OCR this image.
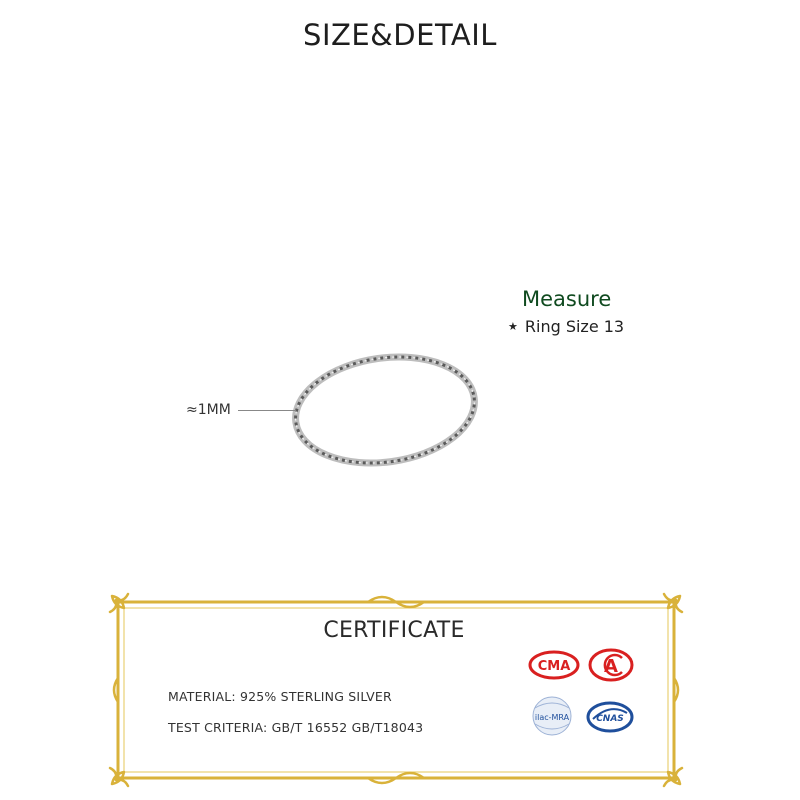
SIZE&DETAIL
Measure
★ Ring Size 13
≈1MM
CERTIFICATE
MATERIAL: 925% STERLING SILVER
TEST CRITERIA: GB/T 16552 GB/T18043
CMA A
ilac-MRA	CNAS
